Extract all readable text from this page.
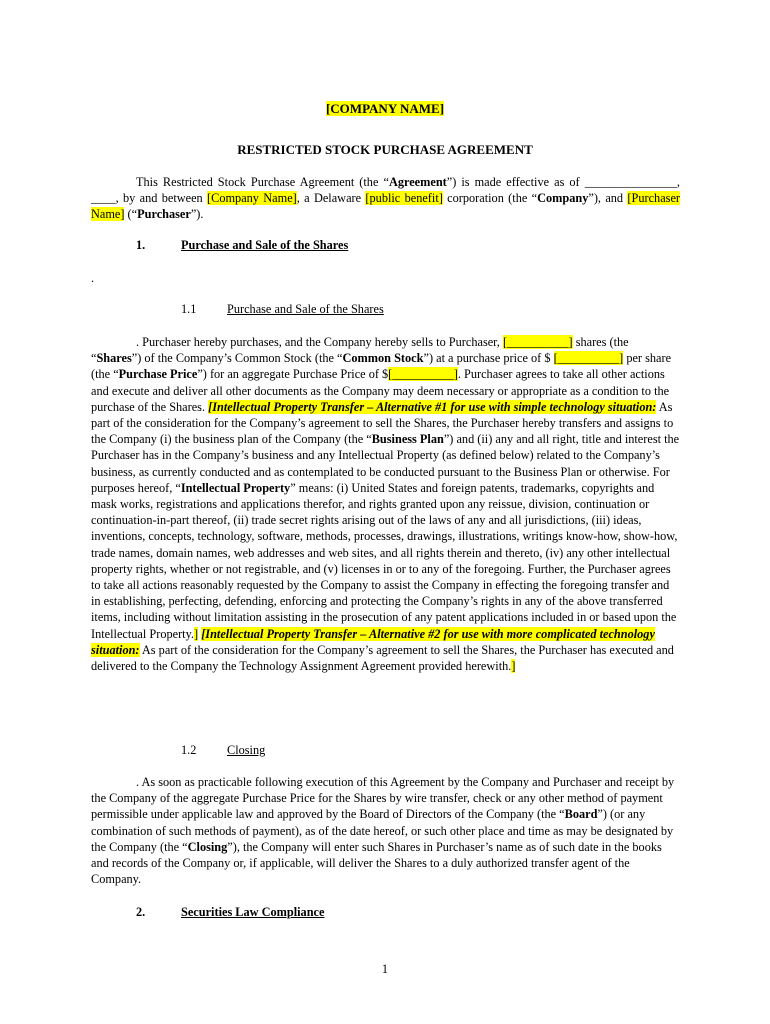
[COMPANY NAME]
RESTRICTED STOCK PURCHASE AGREEMENT
This Restricted Stock Purchase Agreement (the “Agreement”) is made effective as of _______________, ____, by and between [Company Name], a Delaware [public benefit] corporation (the “Company”), and [Purchaser Name] (“Purchaser”).
1.	Purchase and Sale of the Shares
.
1.1 Purchase and Sale of the Shares
. Purchaser hereby purchases, and the Company hereby sells to Purchaser, [__________] shares (the “Shares”) of the Company’s Common Stock (the “Common Stock”) at a purchase price of $ [__________] per share (the “Purchase Price”) for an aggregate Purchase Price of $[__________]. Purchaser agrees to take all other actions and execute and deliver all other documents as the Company may deem necessary or appropriate as a condition to the purchase of the Shares. [Intellectual Property Transfer – Alternative #1 for use with simple technology situation: As part of the consideration for the Company’s agreement to sell the Shares, the Purchaser hereby transfers and assigns to the Company (i) the business plan of the Company (the “Business Plan”) and (ii) any and all right, title and interest the Purchaser has in the Company’s business and any Intellectual Property (as defined below) related to the Company’s business, as currently conducted and as contemplated to be conducted pursuant to the Business Plan or otherwise. For purposes hereof, “Intellectual Property” means: (i) United States and foreign patents, trademarks, copyrights and mask works, registrations and applications therefor, and rights granted upon any reissue, division, continuation or continuation-in-part thereof, (ii) trade secret rights arising out of the laws of any and all jurisdictions, (iii) ideas, inventions, concepts, technology, software, methods, processes, drawings, illustrations, writings know-how, show-how, trade names, domain names, web addresses and web sites, and all rights therein and thereto, (iv) any other intellectual property rights, whether or not registrable, and (v) licenses in or to any of the foregoing. Further, the Purchaser agrees to take all actions reasonably requested by the Company to assist the Company in effecting the foregoing transfer and in establishing, perfecting, defending, enforcing and protecting the Company’s rights in any of the above transferred items, including without limitation assisting in the prosecution of any patent applications included in or based upon the Intellectual Property.] [Intellectual Property Transfer – Alternative #2 for use with more complicated technology situation: As part of the consideration for the Company’s agreement to sell the Shares, the Purchaser has executed and delivered to the Company the Technology Assignment Agreement provided herewith.]
1.2 Closing
. As soon as practicable following execution of this Agreement by the Company and Purchaser and receipt by the Company of the aggregate Purchase Price for the Shares by wire transfer, check or any other method of payment permissible under applicable law and approved by the Board of Directors of the Company (the “Board”) (or any combination of such methods of payment), as of the date hereof, or such other place and time as may be designated by the Company (the “Closing”), the Company will enter such Shares in Purchaser’s name as of such date in the books and records of the Company or, if applicable, will deliver the Shares to a duly authorized transfer agent of the Company.
2.	Securities Law Compliance
1
